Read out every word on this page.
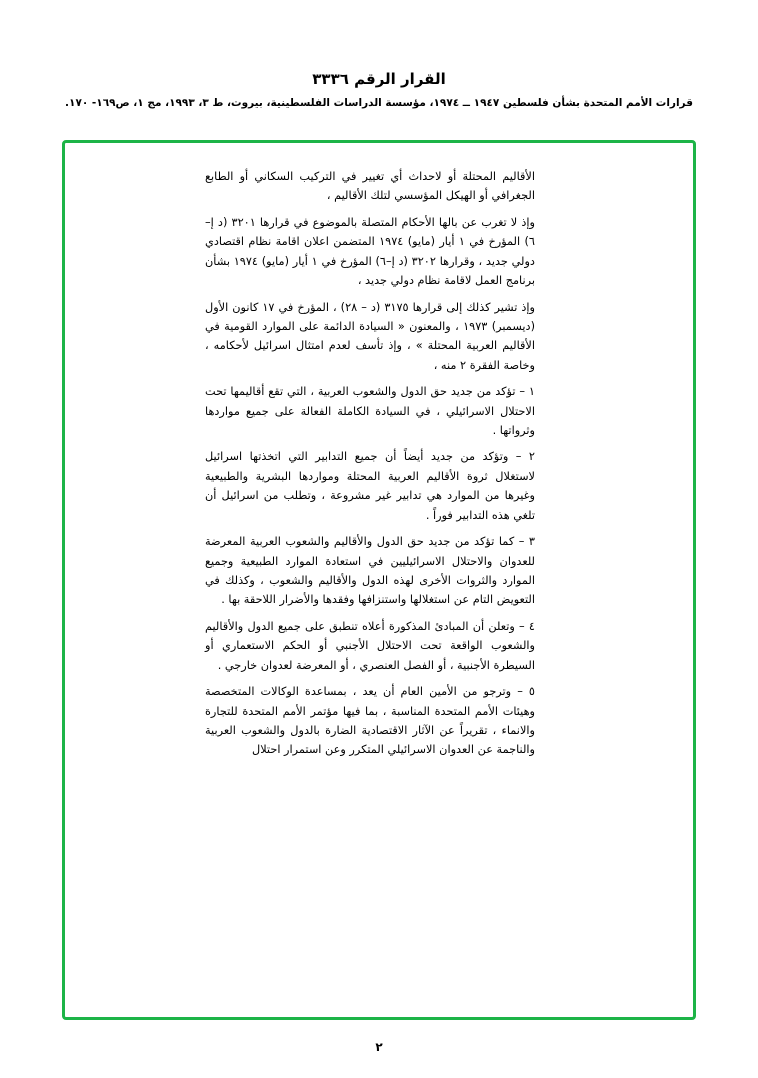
القرار الرقم ٣٣٣٦
قرارات الأمم المتحدة بشأن فلسطين ١٩٤٧ ــ ١٩٧٤، مؤسسة الدراسات الفلسطينية، بيروت، ط ٣، ١٩٩٣، مج ١، ص١٦٩- ١٧٠.

الأقاليم المحتلة أو لاحداث أي تغيير في التركيب السكاني أو الطابع الجغرافي أو الهيكل المؤسسي لتلك الأقاليم ،

وإذ لا تغرب عن بالها الأحكام المتصلة بالموضوع في قرارها ٣٢٠١ (د إ–٦) المؤرخ في ١ أيار (مايو) ١٩٧٤ المتضمن اعلان اقامة نظام اقتصادي دولي جديد ، وقرارها ٣٢٠٢ (د إ–٦) المؤرخ في ١ أيار (مايو) ١٩٧٤ بشأن برنامج العمل لاقامة نظام دولي جديد ،

وإذ تشير كذلك إلى قرارها ٣١٧٥ (د – ٢٨) ، المؤرخ في ١٧ كانون الأول (ديسمبر) ١٩٧٣ ، والمعنون « السيادة الدائمة على الموارد القومية في الأقاليم العربية المحتلة » ، وإذ تأسف لعدم امتثال اسرائيل لأحكامه ، وخاصة الفقرة ٢ منه ،

١ – تؤكد من جديد حق الدول والشعوب العربية ، التي تقع أقاليمها تحت الاحتلال الاسرائيلي ، في السيادة الكاملة الفعالة على جميع مواردها وثرواتها .

٢ – وتؤكد من جديد أيضاً أن جميع التدابير التي اتخذتها اسرائيل لاستغلال ثروة الأقاليم العربية المحتلة ومواردها البشرية والطبيعية وغيرها من الموارد هي تدابير غير مشروعة ، وتطلب من اسرائيل أن تلغي هذه التدابير فوراً .

٣ – كما تؤكد من جديد حق الدول والأقاليم والشعوب العربية المعرضة للعدوان والاحتلال الاسرائيليين في استعادة الموارد الطبيعية وجميع الموارد والثروات الأخرى لهذه الدول والأقاليم والشعوب ، وكذلك في التعويض التام عن استغلالها واستنزافها وفقدها والأضرار اللاحقة بها .

٤ – وتعلن أن المبادئ المذكورة أعلاه تنطبق على جميع الدول والأقاليم والشعوب الواقعة تحت الاحتلال الأجنبي أو الحكم الاستعماري أو السيطرة الأجنبية ، أو الفصل العنصري ، أو المعرضة لعدوان خارجي .

٥ – وترجو من الأمين العام أن يعد ، بمساعدة الوكالات المتخصصة وهيئات الأمم المتحدة المناسبة ، بما فيها مؤتمر الأمم المتحدة للتجارة والانماء ، تقريراً عن الآثار الاقتصادية الضارة بالدول والشعوب العربية والناجمة عن العدوان الاسرائيلي المتكرر وعن استمرار احتلال

٢
